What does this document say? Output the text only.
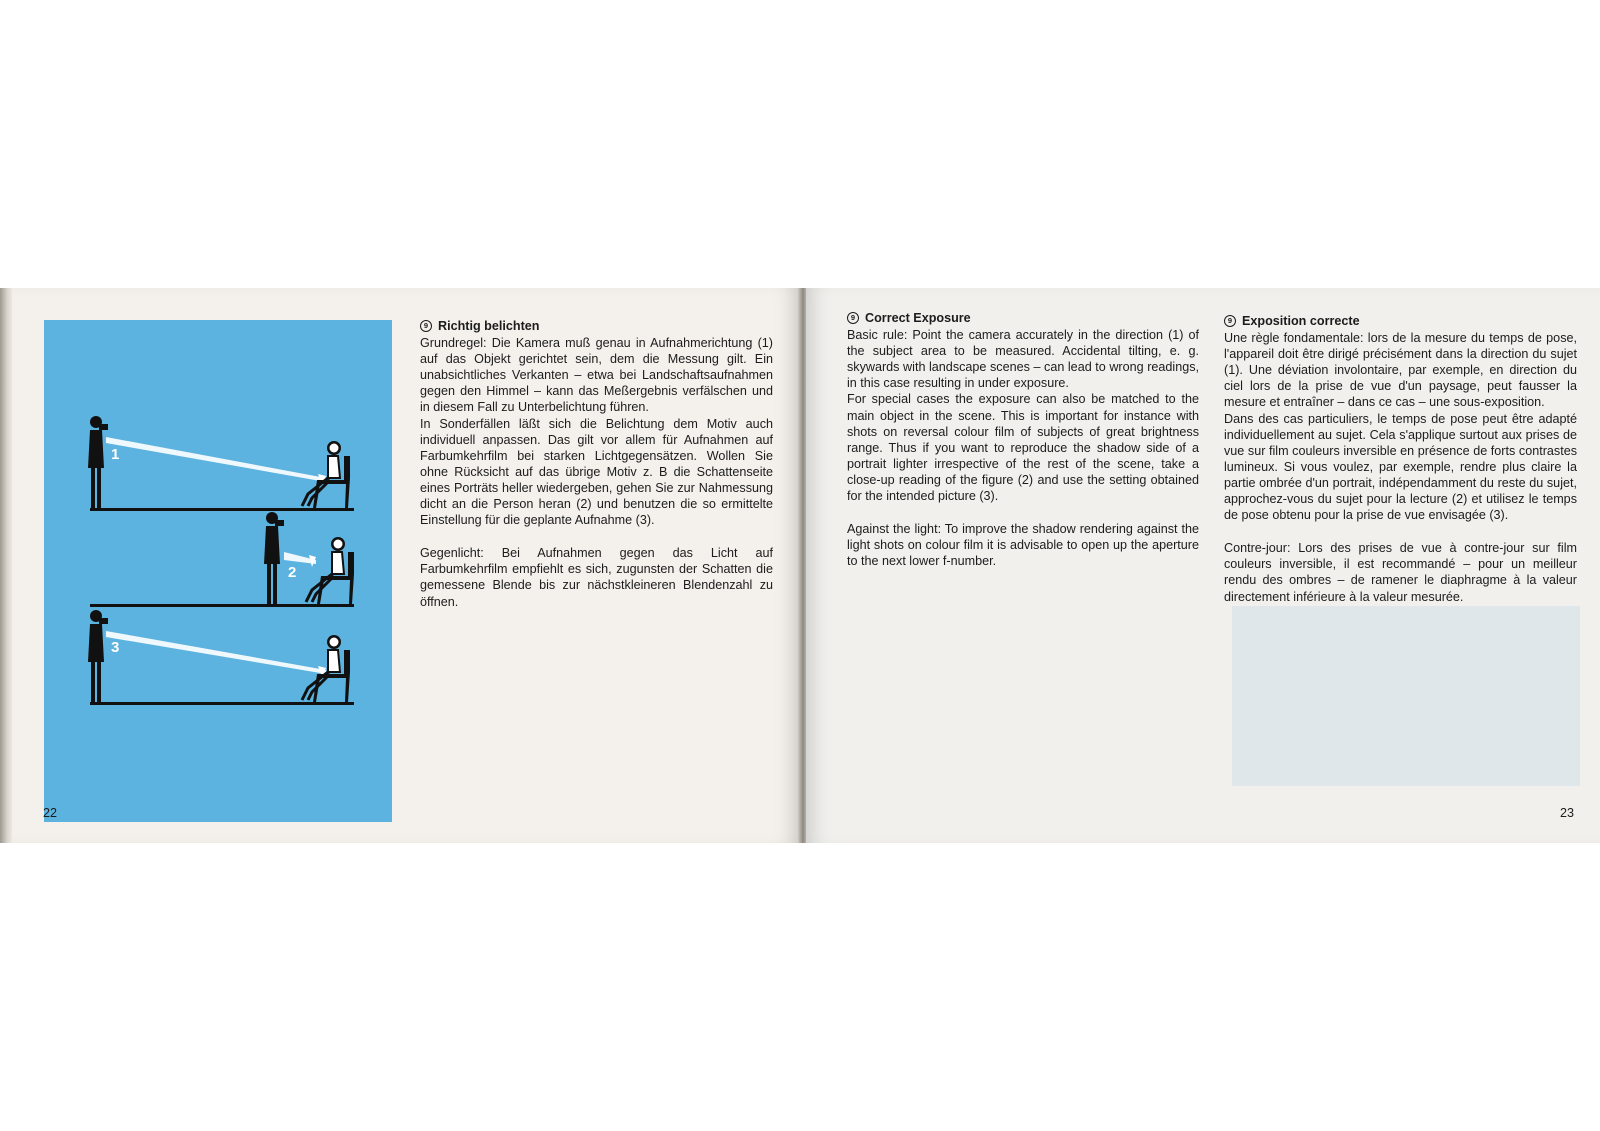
1
2
3
9 Richtig belichten

Grundregel: Die Kamera muß genau in Aufnahmerichtung (1) auf das Objekt gerichtet sein, dem die Messung gilt. Ein unabsichtliches Verkanten – etwa bei Landschaftsaufnahmen gegen den Himmel – kann das Meßergebnis verfälschen und in diesem Fall zu Unterbelichtung führen.

In Sonderfällen läßt sich die Belichtung dem Motiv auch individuell anpassen. Das gilt vor allem für Aufnahmen auf Farbumkehrfilm bei starken Lichtgegensätzen. Wollen Sie ohne Rücksicht auf das übrige Motiv z. B die Schattenseite eines Porträts heller wiedergeben, gehen Sie zur Nahmessung dicht an die Person heran (2) und benutzen die so ermittelte Einstellung für die geplante Aufnahme (3).

Gegenlicht: Bei Aufnahmen gegen das Licht auf Farbumkehrfilm empfiehlt es sich, zugunsten der Schatten die gemessene Blende bis zur nächstkleineren Blendenzahl zu öffnen.

22
9 Correct Exposure

Basic rule: Point the camera accurately in the direction (1) of the subject area to be measured. Accidental tilting, e. g. skywards with landscape scenes – can lead to wrong readings, in this case resulting in under exposure.

For special cases the exposure can also be matched to the main object in the scene. This is important for instance with shots on reversal colour film of subjects of great brightness range. Thus if you want to reproduce the shadow side of a portrait lighter irrespective of the rest of the scene, take a close-up reading of the figure (2) and use the setting obtained for the intended picture (3).

Against the light: To improve the shadow rendering against the light shots on colour film it is advisable to open up the aperture to the next lower f-number.

9 Exposition correcte

Une règle fondamentale: lors de la mesure du temps de pose, l'appareil doit être dirigé précisément dans la direction du sujet (1). Une déviation involontaire, par exemple, en direction du ciel lors de la prise de vue d'un paysage, peut fausser la mesure et entraîner – dans ce cas – une sous-exposition.

Dans des cas particuliers, le temps de pose peut être adapté individuellement au sujet. Cela s'applique surtout aux prises de vue sur film couleurs inversible en présence de forts contrastes lumineux. Si vous voulez, par exemple, rendre plus claire la partie ombrée d'un portrait, indépendamment du reste du sujet, approchez-vous du sujet pour la lecture (2) et utilisez le temps de pose obtenu pour la prise de vue envisagée (3).

Contre-jour: Lors des prises de vue à contre-jour sur film couleurs inversible, il est recommandé – pour un meilleur rendu des ombres – de ramener le diaphragme à la valeur directement inférieure à la valeur mesurée.

23
